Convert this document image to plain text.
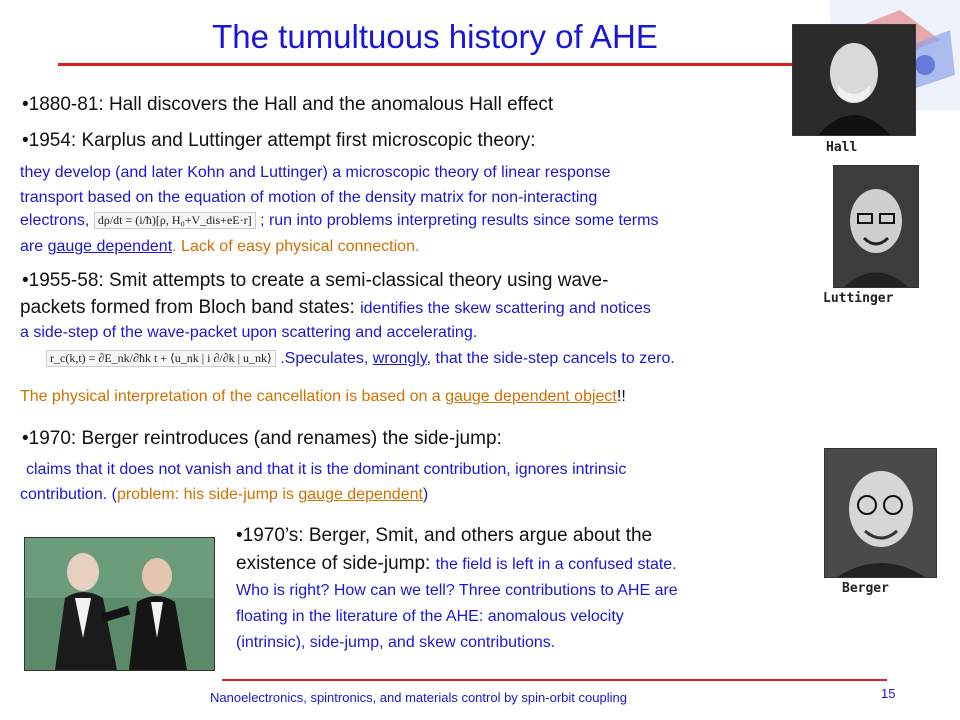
The tumultuous history of AHE
•1880-81: Hall discovers the Hall and the anomalous Hall effect
•1954: Karplus and Luttinger attempt first microscopic theory:
they develop (and later Kohn and Luttinger) a microscopic theory of linear response
transport based on the equation of motion of the density matrix for non-interacting
electrons, dρ/dt = (i/ħ)[ρ, H₀+V_dis+eE·r] ; run into problems interpreting results since some terms
are gauge dependent. Lack of easy physical connection.
•1955-58: Smit attempts to create a semi-classical theory using wave-
packets formed from Bloch band states: identifies the skew scattering and notices
a side-step of the wave-packet upon scattering and accelerating.
r_c(k,t) = ∂E_nk/∂ħk t + ⟨u_nk | i ∂/∂k | u_nk⟩ .Speculates, wrongly, that the side-step cancels to zero.
The physical interpretation of the cancellation is based on a gauge dependent object!!
•1970: Berger reintroduces (and renames) the side-jump:
claims that it does not vanish and that it is the dominant contribution, ignores intrinsic
contribution. (problem: his side-jump is gauge dependent)
•1970’s: Berger, Smit, and others argue about the
existence of side-jump: the field is left in a confused state.
Who is right? How can we tell? Three contributions to AHE are
floating in the literature of the AHE: anomalous velocity
(intrinsic), side-jump, and skew contributions.
Hall
Luttinger
Berger
Nanoelectronics, spintronics, and materials control by spin-orbit coupling	15
